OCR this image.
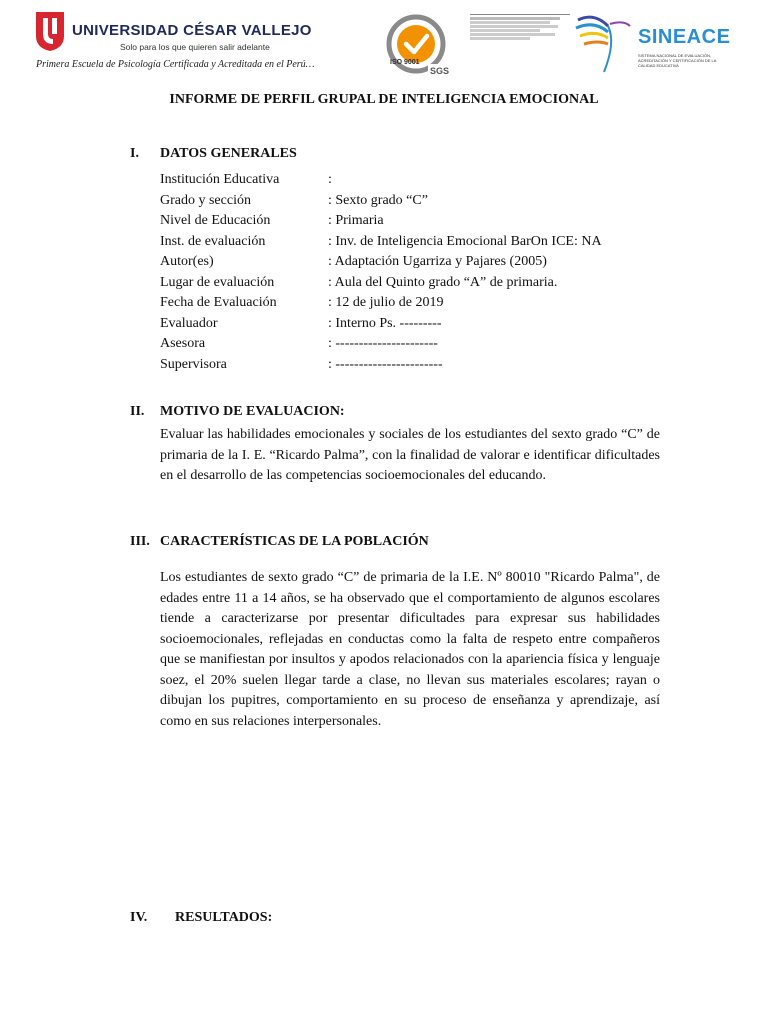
UNIVERSIDAD CÉSAR VALLEJO
Solo para los que quieren salir adelante
Primera Escuela de Psicología Certificada y Acreditada en el Perú…	ISO 9001
SGS
SINEACE
SISTEMA NACIONAL DE EVALUACIÓN, ACREDITACIÓN Y CERTIFICACIÓN DE LA CALIDAD EDUCATIVA
INFORME DE PERFIL GRUPAL DE INTELIGENCIA EMOCIONAL
I. DATOS GENERALES
Institución Educativa	:
Grado y sección	: Sexto grado “C”
Nivel de Educación	: Primaria
Inst. de evaluación	: Inv. de Inteligencia Emocional BarOn ICE: NA
Autor(es)	: Adaptación Ugarriza y Pajares (2005)
Lugar de evaluación	: Aula del Quinto grado “A” de primaria.
Fecha de Evaluación	: 12 de julio de 2019
Evaluador	: Interno Ps. ---------
Asesora	: ----------------------
Supervisora	: -----------------------
II. MOTIVO DE EVALUACION:
Evaluar las habilidades emocionales y sociales de los estudiantes del sexto grado “C” de primaria de la I. E. “Ricardo Palma”, con la finalidad de valorar e identificar dificultades en el desarrollo de las competencias socioemocionales del educando.
III. CARACTERÍSTICAS DE LA POBLACIÓN
Los estudiantes de sexto grado “C” de primaria de la I.E. Nº 80010 "Ricardo Palma", de edades entre 11 a 14 años, se ha observado que el comportamiento de algunos escolares tiende a caracterizarse por presentar dificultades para expresar sus habilidades socioemocionales, reflejadas en conductas como la falta de respeto entre compañeros que se manifiestan por insultos y apodos relacionados con la apariencia física y lenguaje soez, el 20% suelen llegar tarde a clase, no llevan sus materiales escolares; rayan o dibujan los pupitres, comportamiento en su proceso de enseñanza y aprendizaje, así como en sus relaciones interpersonales.
IV. RESULTADOS:
